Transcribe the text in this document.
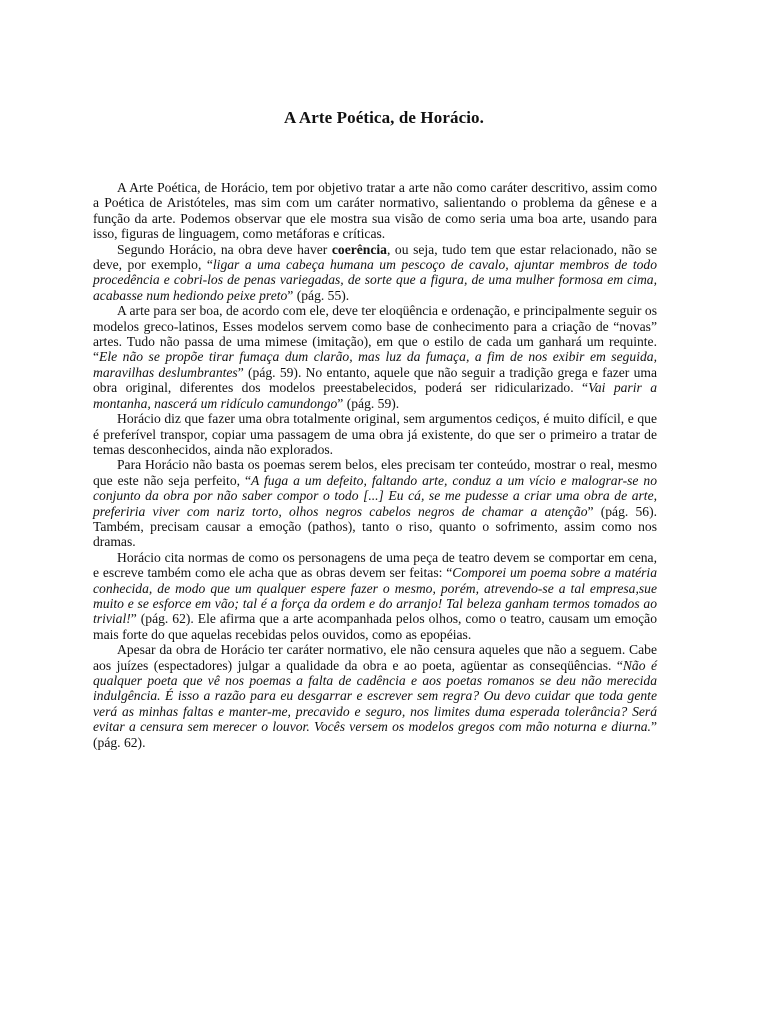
A Arte Poética, de Horácio.

A Arte Poética, de Horácio, tem por objetivo tratar a arte não como caráter descritivo, assim como a Poética de Aristóteles, mas sim com um caráter normativo, salientando o problema da gênese e a função da arte. Podemos observar que ele mostra sua visão de como seria uma boa arte, usando para isso, figuras de linguagem, como metáforas e críticas.

Segundo Horácio, na obra deve haver coerência, ou seja, tudo tem que estar relacionado, não se deve, por exemplo, “ligar a uma cabeça humana um pescoço de cavalo, ajuntar membros de todo procedência e cobri-los de penas variegadas, de sorte que a figura, de uma mulher formosa em cima, acabasse num hediondo peixe preto” (pág. 55).

A arte para ser boa, de acordo com ele, deve ter eloqüência e ordenação, e principalmente seguir os modelos greco-latinos, Esses modelos servem como base de conhecimento para a criação de “novas” artes. Tudo não passa de uma mimese (imitação), em que o estilo de cada um ganhará um requinte. “Ele não se propõe tirar fumaça dum clarão, mas luz da fumaça, a fim de nos exibir em seguida, maravilhas deslumbrantes” (pág. 59). No entanto, aquele que não seguir a tradição grega e fazer uma obra original, diferentes dos modelos preestabelecidos, poderá ser ridicularizado. “Vai parir a montanha, nascerá um ridículo camundongo” (pág. 59).

Horácio diz que fazer uma obra totalmente original, sem argumentos cediços, é muito difícil, e que é preferível transpor, copiar uma passagem de uma obra já existente, do que ser o primeiro a tratar de temas desconhecidos, ainda não explorados.

Para Horácio não basta os poemas serem belos, eles precisam ter conteúdo, mostrar o real, mesmo que este não seja perfeito, “A fuga a um defeito, faltando arte, conduz a um vício e malograr-se no conjunto da obra por não saber compor o todo [...] Eu cá, se me pudesse a criar uma obra de arte, preferiria viver com nariz torto, olhos negros cabelos negros de chamar a atenção” (pág. 56). Também, precisam causar a emoção (pathos), tanto o riso, quanto o sofrimento, assim como nos dramas.

Horácio cita normas de como os personagens de uma peça de teatro devem se comportar em cena, e escreve também como ele acha que as obras devem ser feitas: “Comporei um poema sobre a matéria conhecida, de modo que um qualquer espere fazer o mesmo, porém, atrevendo-se a tal empresa,sue muito e se esforce em vão; tal é a força da ordem e do arranjo! Tal beleza ganham termos tomados ao trivial!” (pág. 62). Ele afirma que a arte acompanhada pelos olhos, como o teatro, causam um emoção mais forte do que aquelas recebidas pelos ouvidos, como as epopéias.

Apesar da obra de Horácio ter caráter normativo, ele não censura aqueles que não a seguem. Cabe aos juízes (espectadores) julgar a qualidade da obra e ao poeta, agüentar as conseqüências. “Não é qualquer poeta que vê nos poemas a falta de cadência e aos poetas romanos se deu não merecida indulgência. É isso a razão para eu desgarrar e escrever sem regra? Ou devo cuidar que toda gente verá as minhas faltas e manter-me, precavido e seguro, nos limites duma esperada tolerância? Será evitar a censura sem merecer o louvor. Vocês versem os modelos gregos com mão noturna e diurna.” (pág. 62).
